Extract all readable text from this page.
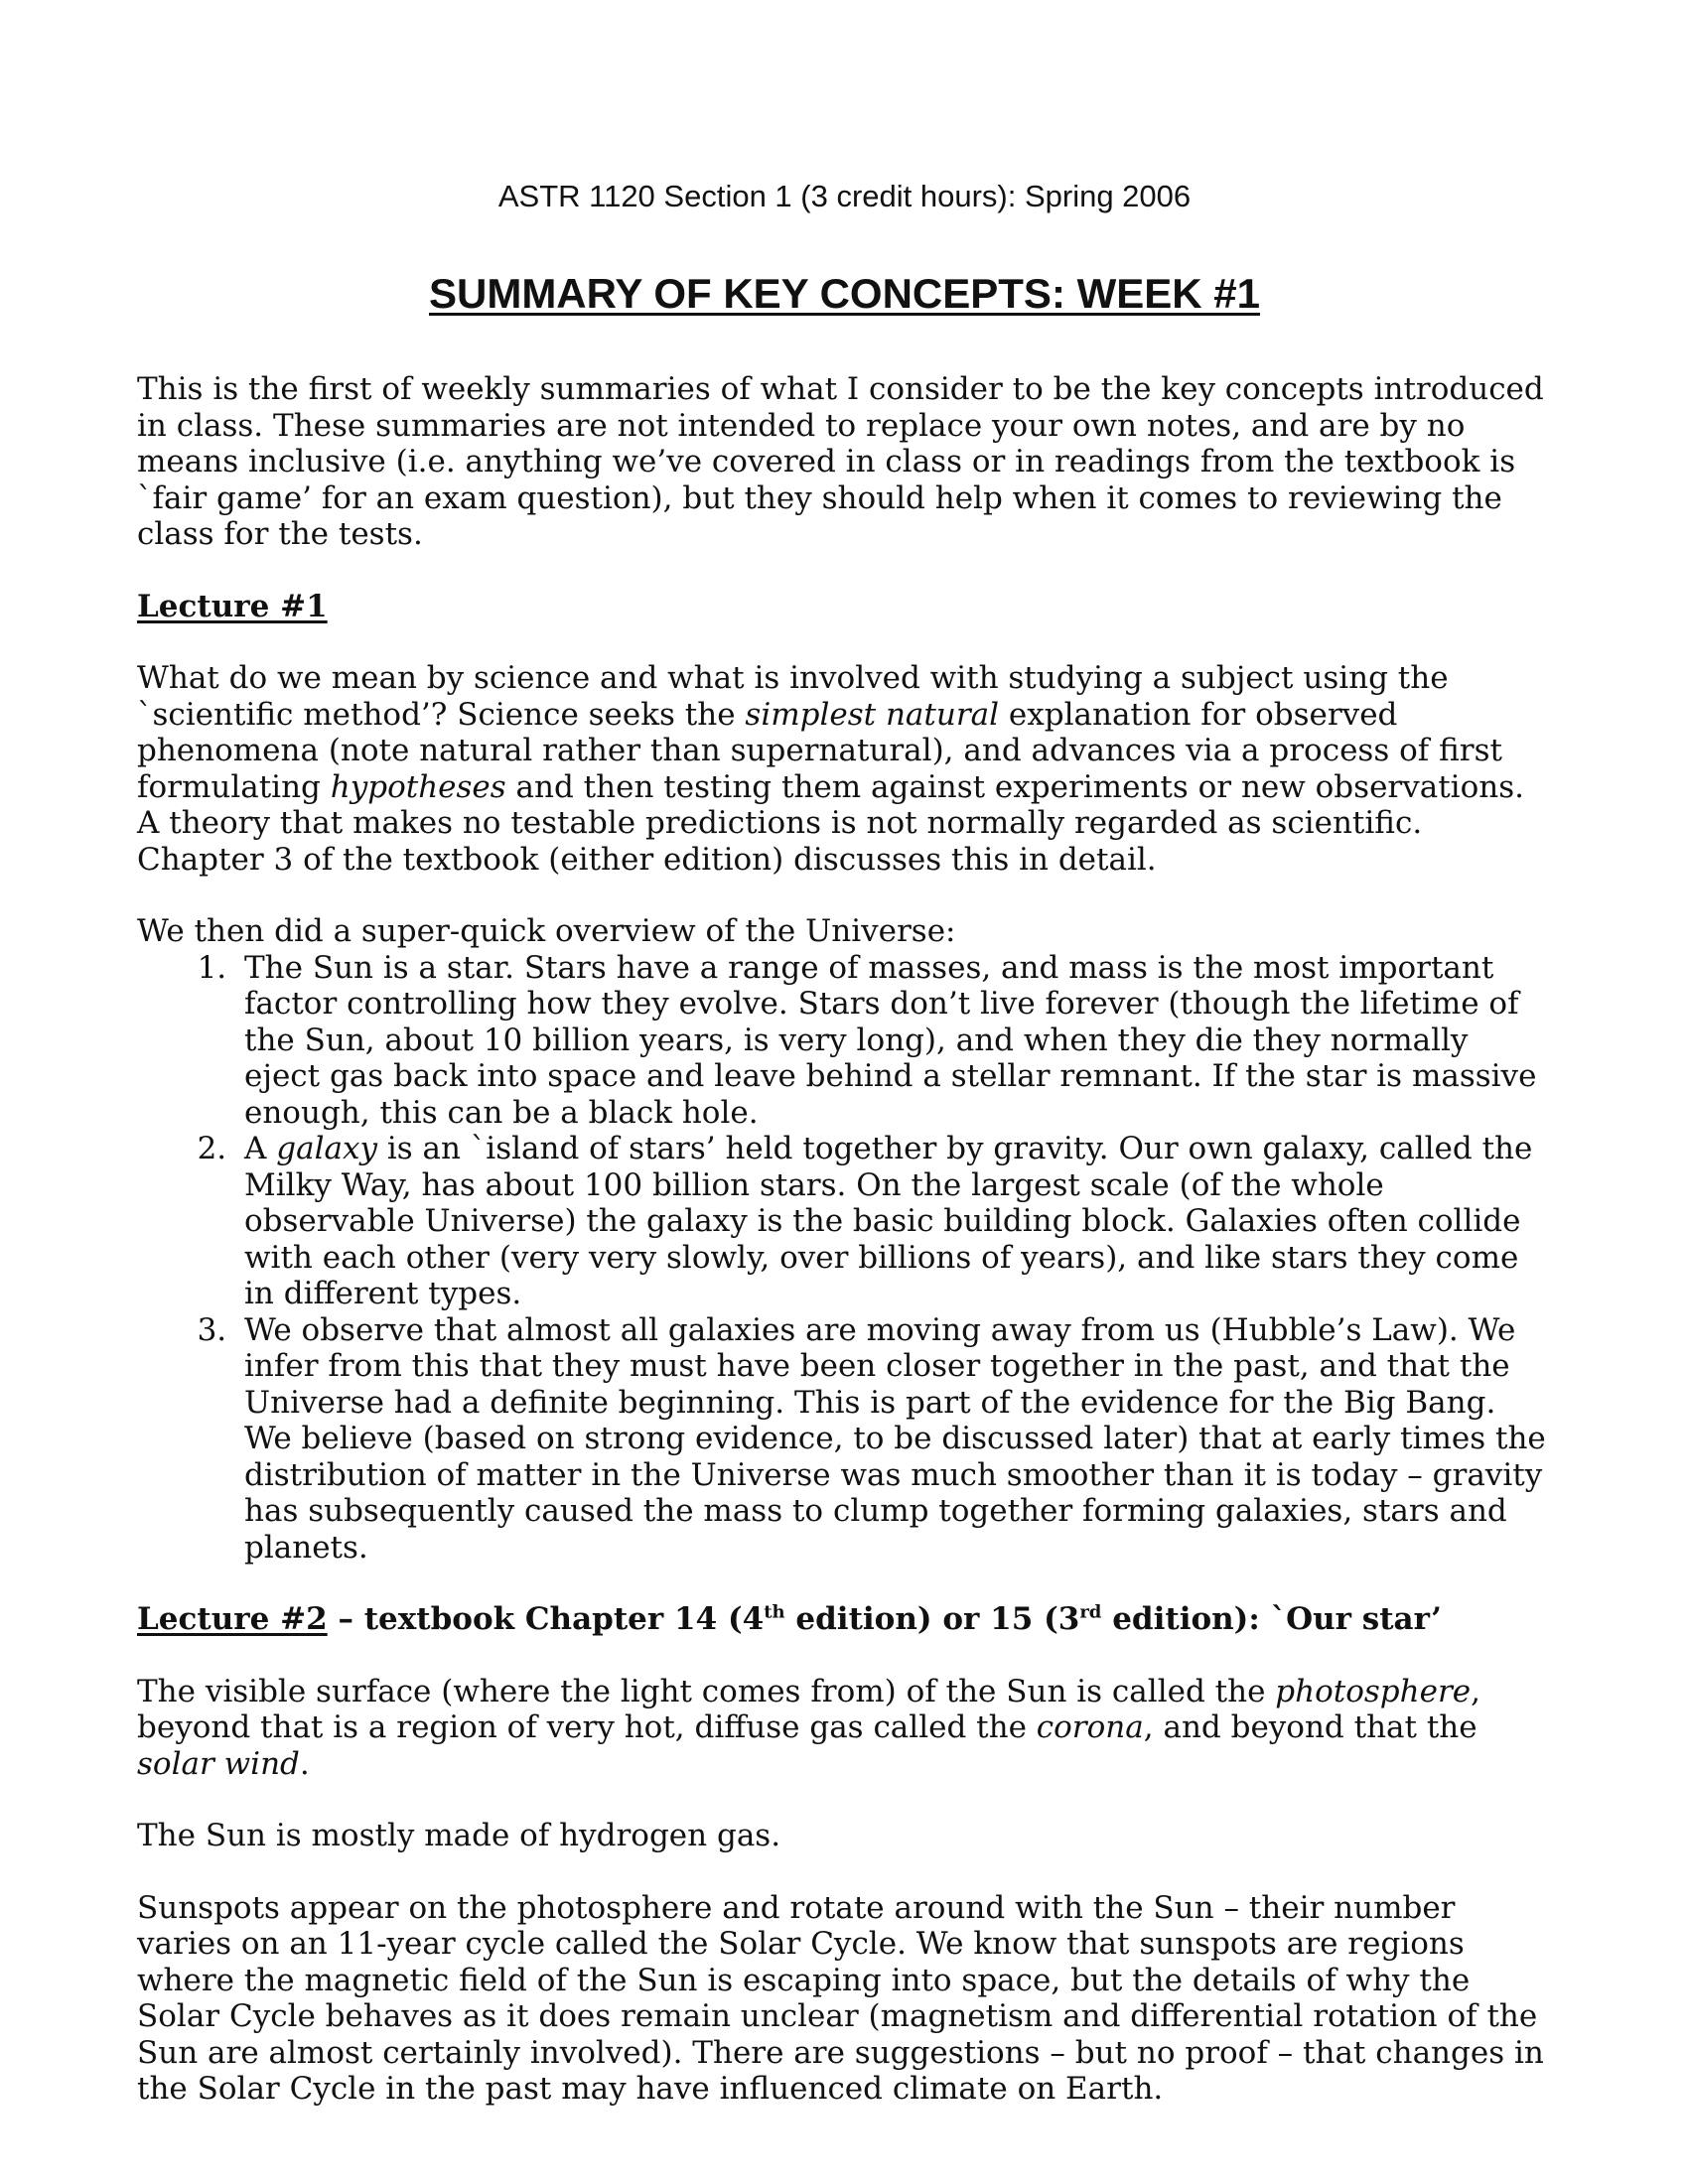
ASTR 1120 Section 1 (3 credit hours): Spring 2006
SUMMARY OF KEY CONCEPTS: WEEK #1

This is the first of weekly summaries of what I consider to be the key concepts introduced in class. These summaries are not intended to replace your own notes, and are by no means inclusive (i.e. anything we’ve covered in class or in readings from the textbook is `fair game’ for an exam question), but they should help when it comes to reviewing the class for the tests.

Lecture #1

What do we mean by science and what is involved with studying a subject using the `scientific method’? Science seeks the simplest natural explanation for observed phenomena (note natural rather than supernatural), and advances via a process of first formulating hypotheses and then testing them against experiments or new observations. A theory that makes no testable predictions is not normally regarded as scientific. Chapter 3 of the textbook (either edition) discusses this in detail.

We then did a super-quick overview of the Universe:

1. The Sun is a star. Stars have a range of masses, and mass is the most important factor controlling how they evolve. Stars don’t live forever (though the lifetime of the Sun, about 10 billion years, is very long), and when they die they normally eject gas back into space and leave behind a stellar remnant. If the star is massive enough, this can be a black hole.
2. A galaxy is an `island of stars’ held together by gravity. Our own galaxy, called the Milky Way, has about 100 billion stars. On the largest scale (of the whole observable Universe) the galaxy is the basic building block. Galaxies often collide with each other (very very slowly, over billions of years), and like stars they come in different types.
3. We observe that almost all galaxies are moving away from us (Hubble’s Law). We infer from this that they must have been closer together in the past, and that the Universe had a definite beginning. This is part of the evidence for the Big Bang. We believe (based on strong evidence, to be discussed later) that at early times the distribution of matter in the Universe was much smoother than it is today – gravity has subsequently caused the mass to clump together forming galaxies, stars and planets.
Lecture #2 – textbook Chapter 14 (4th edition) or 15 (3rd edition): `Our star’

The visible surface (where the light comes from) of the Sun is called the photosphere, beyond that is a region of very hot, diffuse gas called the corona, and beyond that the solar wind.

The Sun is mostly made of hydrogen gas.

Sunspots appear on the photosphere and rotate around with the Sun – their number varies on an 11-year cycle called the Solar Cycle. We know that sunspots are regions where the magnetic field of the Sun is escaping into space, but the details of why the Solar Cycle behaves as it does remain unclear (magnetism and differential rotation of the Sun are almost certainly involved). There are suggestions – but no proof – that changes in the Solar Cycle in the past may have influenced climate on Earth.
